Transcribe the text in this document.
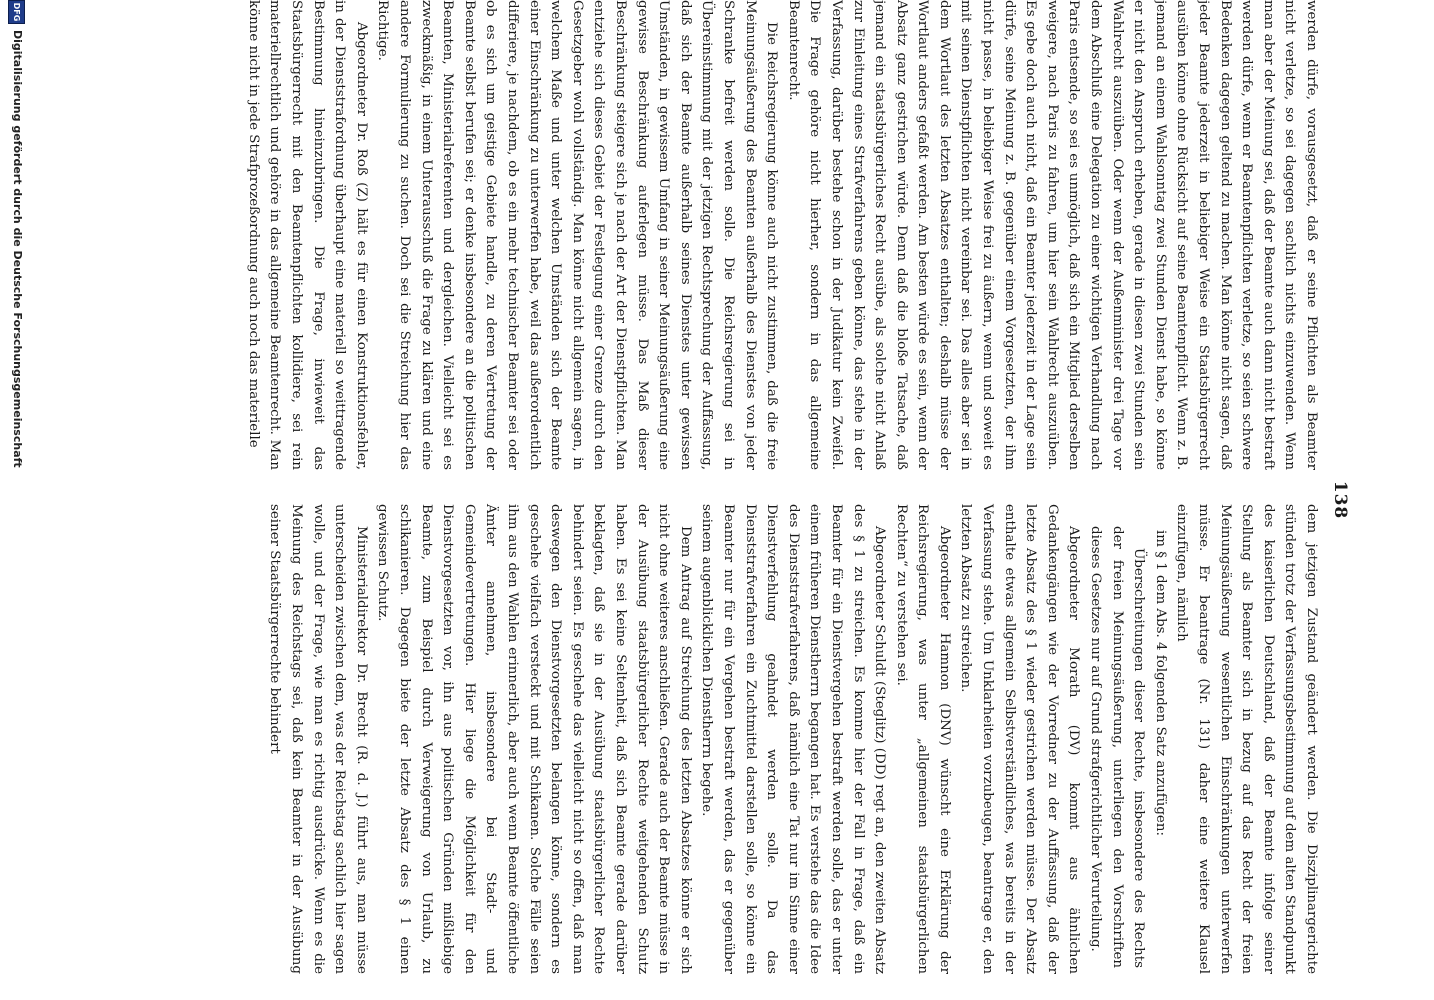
138

werden dürfe, vorausgesetzt, daß er seine Pflichten als Beamter nicht verletze, so sei dagegen sachlich nichts einzuwenden. Wenn man aber der Meinung sei, daß der Beamte auch dann nicht bestraft werden dürfe, wenn er Beamtenpflichten verletze, so seien schwere Bedenken dagegen geltend zu machen. Man könne nicht sagen, daß jeder Beamte jederzeit in beliebiger Weise ein Staatsbürgerrecht ausüben könne ohne Rücksicht auf seine Beamtenpflicht. Wenn z. B. jemand an einem Wahlsonntag zwei Stunden Dienst habe, so könne er nicht den Anspruch erheben, gerade in diesen zwei Stunden sein Wahlrecht auszuüben. Oder wenn der Außenminister drei Tage vor dem Abschluß eine Delegation zu einer wichtigen Verhandlung nach Paris entsende, so sei es unmöglich, daß sich ein Mitglied derselben weigere, nach Paris zu fahren, um hier sein Wahlrecht auszuüben. Es gebe doch auch nicht, daß ein Beamter jederzeit in der Lage sein dürfe, seine Meinung z. B. gegenüber einem Vorgesetzten, der ihm nicht passe, in beliebiger Weise frei zu äußern, wenn und soweit es mit seinen Dienstpflichten nicht vereinbar sei. Das alles aber sei in dem Wortlaut des letzten Absatzes enthalten; deshalb müsse der Wortlaut anders gefaßt werden. Am besten würde es sein, wenn der Absatz ganz gestrichen würde. Denn daß die bloße Tatsache, daß jemand ein staatsbürgerliches Recht ausübe, als solche nicht Anlaß zur Einleitung eines Strafverfahrens geben könne, das stehe in der Verfassung, darüber bestehe schon in der Judikatur kein Zweifel. Die Frage gehöre nicht hierher, sondern in das allgemeine Beamtenrecht.

Die Reichsregierung könne auch nicht zustimmen, daß die freie Meinungsäußerung des Beamten außerhalb des Dienstes von jeder Schranke befreit werden solle. Die Reichsregierung sei in Übereinstimmung mit der jetzigen Rechtsprechung der Auffassung, daß sich der Beamte außerhalb seines Dienstes unter gewissen Umständen, in gewissem Umfang in seiner Meinungsäußerung eine gewisse Beschränkung auferlegen müsse. Das Maß dieser Beschränkung steigere sich je nach der Art der Dienstpflichten. Man entziehe sich dieses Gebiet der Festlegung einer Grenze durch den Gesetzgeber wohl vollständig. Man könne nicht allgemein sagen, in welchem Maße und unter welchen Umständen sich der Beamte einer Einschränkung zu unterwerfen habe, weil das außerordentlich differiere, je nachdem, ob es ein mehr technischer Beamter sei oder ob es sich um geistige Gebiete handle, zu deren Vertretung der Beamte selbst berufen sei; er denke insbesondere an die politischen Beamten, Ministerialreferenten und dergleichen. Vielleicht sei es zweckmäßig, in einem Unterausschuß die Frage zu klären und eine andere Formulierung zu suchen. Doch sei die Streichung hier das Richtige.

Abgeordneter Dr. Roß (Z) hält es für einen Konstruktionsfehler, in der Dienststrafordnung überhaupt eine materiell so weittragende Bestimmung hineinzubringen. Die Frage, inwieweit das Staatsbürgerrecht mit den Beamtenpflichten kollidiere, sei rein materiellrechtlich und gehöre in das allgemeine Beamtenrecht. Man könne nicht in jede Strafprozeßordnung auch noch das materielle

dem jetzigen Zustand geändert werden. Die Disziplinargerichte stünden trotz der Verfassungsbestimmung auf dem alten Standpunkt des kaiserlichen Deutschland, daß der Beamte infolge seiner Stellung als Beamter sich in bezug auf das Recht der freien Meinungsäußerung wesentlichen Einschränkungen unterwerfen müsse. Er beantrage (Nr. 131) daher eine weitere Klausel einzufügen, nämlich

im § 1 dem Abs. 4 folgenden Satz anzufügen:

Überschreitungen dieser Rechte, insbesondere des Rechts der freien Meinungsäußerung, unterliegen den Vorschriften dieses Gesetzes nur auf Grund strafgerichtlicher Verurteilung.

Abgeordneter Morath (DV) kommt aus ähnlichen Gedankengängen wie der Vorredner zu der Auffassung, daß der letzte Absatz des § 1 wieder gestrichen werden müsse. Der Absatz enthalte etwas allgemein Selbstverständliches, was bereits in der Verfassung stehe. Um Unklarheiten vorzubeugen, beantrage er, den letzten Absatz zu streichen.

Abgeordneter Hamnon (DNV) wünscht eine Erklärung der Reichsregierung, was unter „allgemeinen staatsbürgerlichen Rechten“ zu verstehen sei.

Abgeordneter Schuldt (Steglitz) (DD) regt an, den zweiten Absatz des § 1 zu streichen. Es komme hier der Fall in Frage, daß ein Beamter für ein Dienstvergehen bestraft werden solle, das er unter einem früheren Dienstherrn begangen hat. Es verstehe das die Idee des Dienststrafverfahrens, daß nämlich eine Tat nur im Sinne einer Dienstverfehlung geahndet werden solle. Da das Dienststrafverfahren ein Zuchtmittel darstellen solle, so könne ein Beamter nur für ein Vergehen bestraft werden, das er gegenüber seinem augenblicklichen Dienstherrn begehe.

Dem Antrag auf Streichung des letzten Absatzes könne er sich nicht ohne weiteres anschließen. Gerade auch der Beamte müsse in der Ausübung staatsbürgerlicher Rechte weitgehenden Schutz haben. Es sei keine Seltenheit, daß sich Beamte gerade darüber beklagten, daß sie in der Ausübung staatsbürgerlicher Rechte behindert seien. Es geschehe das vielleicht nicht so offen, daß man deswegen den Dienstvorgesetzten belangen könne, sondern es geschehe vielfach versteckt und mit Schikanen. Solche Fälle seien ihm aus den Wahlen erinnerlich, aber auch wenn Beamte öffentliche Ämter annehmen, insbesondere bei Stadt- und Gemeindevertretungen. Hier liege die Möglichkeit für den Dienstvorgesetzten vor, ihn aus politischen Gründen mißliebige Beamte, zum Beispiel durch Verweigerung von Urlaub, zu schikanieren. Dagegen biete der letzte Absatz des § 1 einen gewissen Schutz.

Ministerialdirektor Dr. Brecht (R. d. J.) führt aus, man müsse unterscheiden zwischen dem, was der Reichstag sachlich hier sagen wolle, und der Frage, wie man es richtig ausdrücke. Wenn es die Meinung des Reichstags sei, daß kein Beamter in der Ausübung seiner Staatsbürgerrechte behindert

DFGDigitalisierung gefördert durch die Deutsche Forschungsgemeinschaft
